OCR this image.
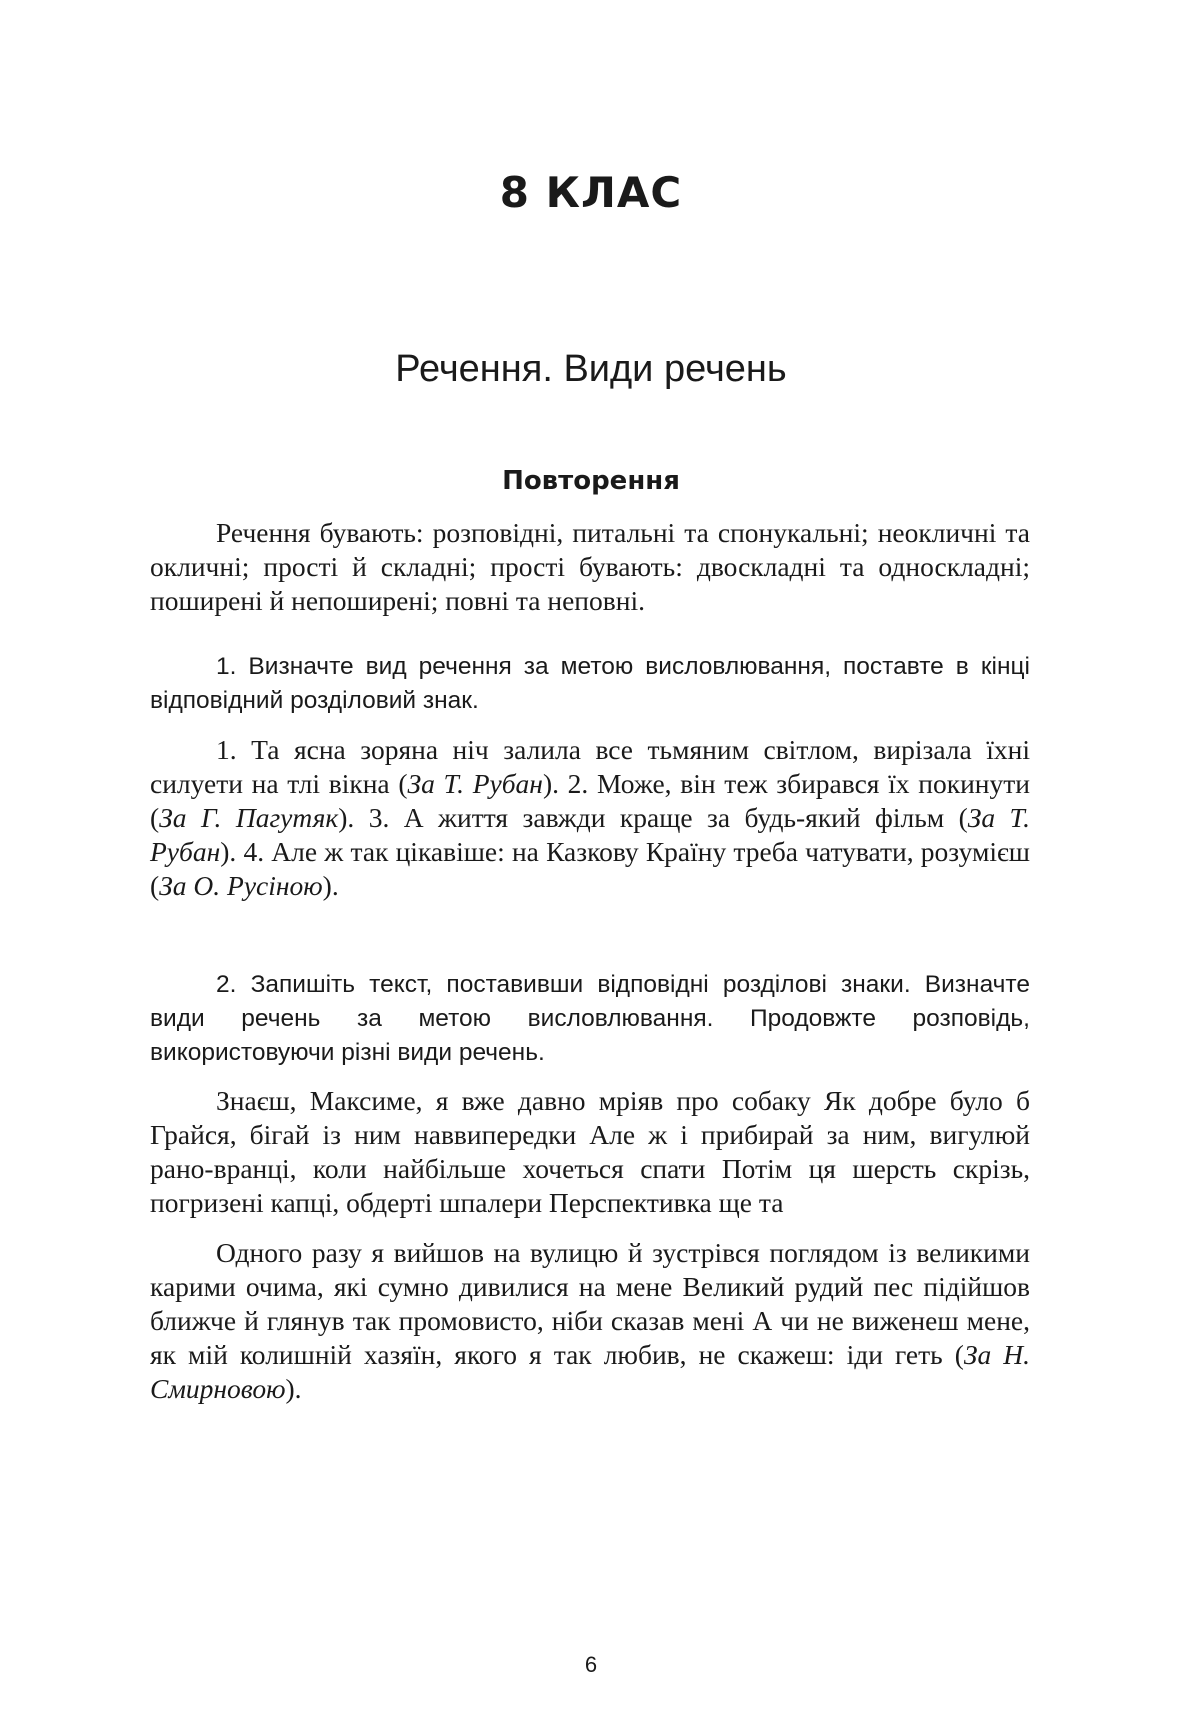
8 КЛАС
Речення. Види речень
Повторення

Речення бувають: розповідні, питальні та спонукальні; неокличні та окличні; прості й складні; прості бувають: двоскладні та односкладні; поширені й непоширені; повні та неповні.

1. Визначте вид речення за метою висловлювання, поставте в кінці відповідний розділовий знак.

1. Та ясна зоряна ніч залила все тьмяним світлом, вирізала їхні силуети на тлі вікна (За Т. Рубан). 2. Може, він теж збирався їх покинути (За Г. Пагутяк). 3. А життя завжди краще за будь-який фільм (За Т. Рубан). 4. Але ж так цікавіше: на Казкову Країну треба чатувати, розумієш (За О. Русіною).

2. Запишіть текст, поставивши відповідні розділові знаки. Визначте види речень за метою висловлювання. Продовжте розповідь, використовуючи різні види речень.

Знаєш, Максиме, я вже давно мріяв про собаку Як добре було б Грайся, бігай із ним наввипередки Але ж і прибирай за ним, вигулюй рано-вранці, коли найбільше хочеться спати Потім ця шерсть скрізь, погризені капці, обдерті шпалери Перспективка ще та

Одного разу я вийшов на вулицю й зустрівся поглядом із великими карими очима, які сумно дивилися на мене Великий рудий пес підійшов ближче й глянув так промовисто, ніби сказав мені А чи не виженеш мене, як мій колишній хазяїн, якого я так любив, не скажеш: іди геть (За Н. Смирновою).

6
